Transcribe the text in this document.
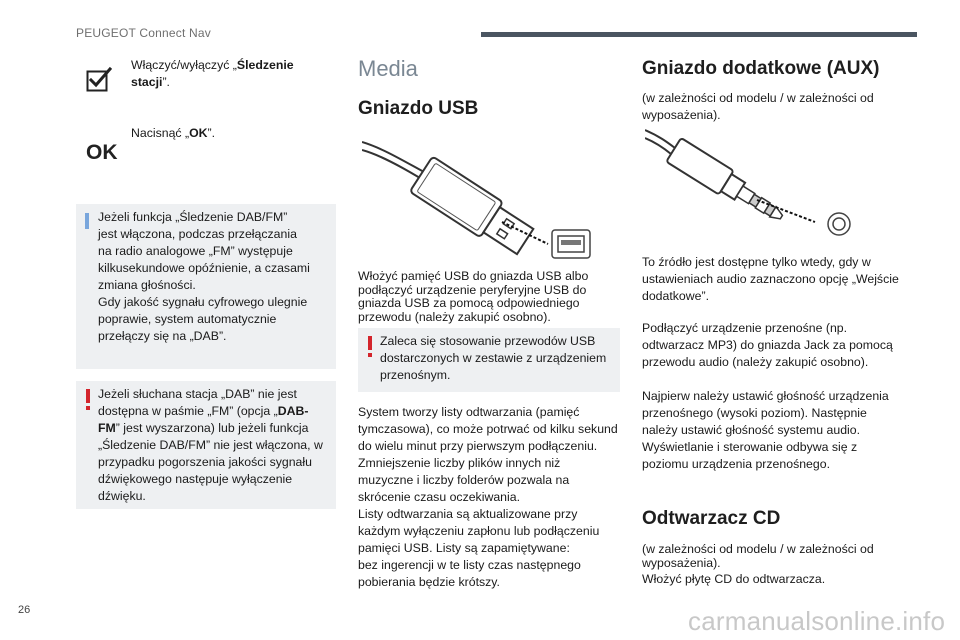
PEUGEOT Connect Nav
Włączyć/wyłączyć „Śledzenie stacji”.
OK
Nacisnąć „OK”.
Jeżeli funkcja „Śledzenie DAB/FM”
jest włączona, podczas przełączania
na radio analogowe „FM” występuje
kilkusekundowe opóźnienie, a czasami
zmiana głośności.
Gdy jakość sygnału cyfrowego ulegnie
poprawie, system automatycznie
przełączy się na „DAB”.
Jeżeli słuchana stacja „DAB” nie jest
dostępna w paśmie „FM” (opcja „DAB-
FM” jest wyszarzona) lub jeżeli funkcja
„Śledzenie DAB/FM” nie jest włączona, w
przypadku pogorszenia jakości sygnału
dźwiękowego następuje wyłączenie
dźwięku.
Media
Gniazdo USB
Włożyć pamięć USB do gniazda USB albo
podłączyć urządzenie peryferyjne USB do
gniazda USB za pomocą odpowiedniego
przewodu (należy zakupić osobno).
Zaleca się stosowanie przewodów USB
dostarczonych w zestawie z urządzeniem
przenośnym.
System tworzy listy odtwarzania (pamięć
tymczasowa), co może potrwać od kilku sekund
do wielu minut przy pierwszym podłączeniu.
Zmniejszenie liczby plików innych niż
muzyczne i liczby folderów pozwala na
skrócenie czasu oczekiwania.
Listy odtwarzania są aktualizowane przy
każdym wyłączeniu zapłonu lub podłączeniu
pamięci USB. Listy są zapamiętywane:
bez ingerencji w te listy czas następnego
pobierania będzie krótszy.
Gniazdo dodatkowe (AUX)
(w zależności od modelu / w zależności od
wyposażenia).
To źródło jest dostępne tylko wtedy, gdy w
ustawieniach audio zaznaczono opcję „Wejście
dodatkowe”.
Podłączyć urządzenie przenośne (np.
odtwarzacz MP3) do gniazda Jack za pomocą
przewodu audio (należy zakupić osobno).
Najpierw należy ustawić głośność urządzenia
przenośnego (wysoki poziom). Następnie
należy ustawić głośność systemu audio.
Wyświetlanie i sterowanie odbywa się z
poziomu urządzenia przenośnego.
Odtwarzacz CD
(w zależności od modelu / w zależności od
wyposażenia).
Włożyć płytę CD do odtwarzacza.
26	carmanualsonline.info
